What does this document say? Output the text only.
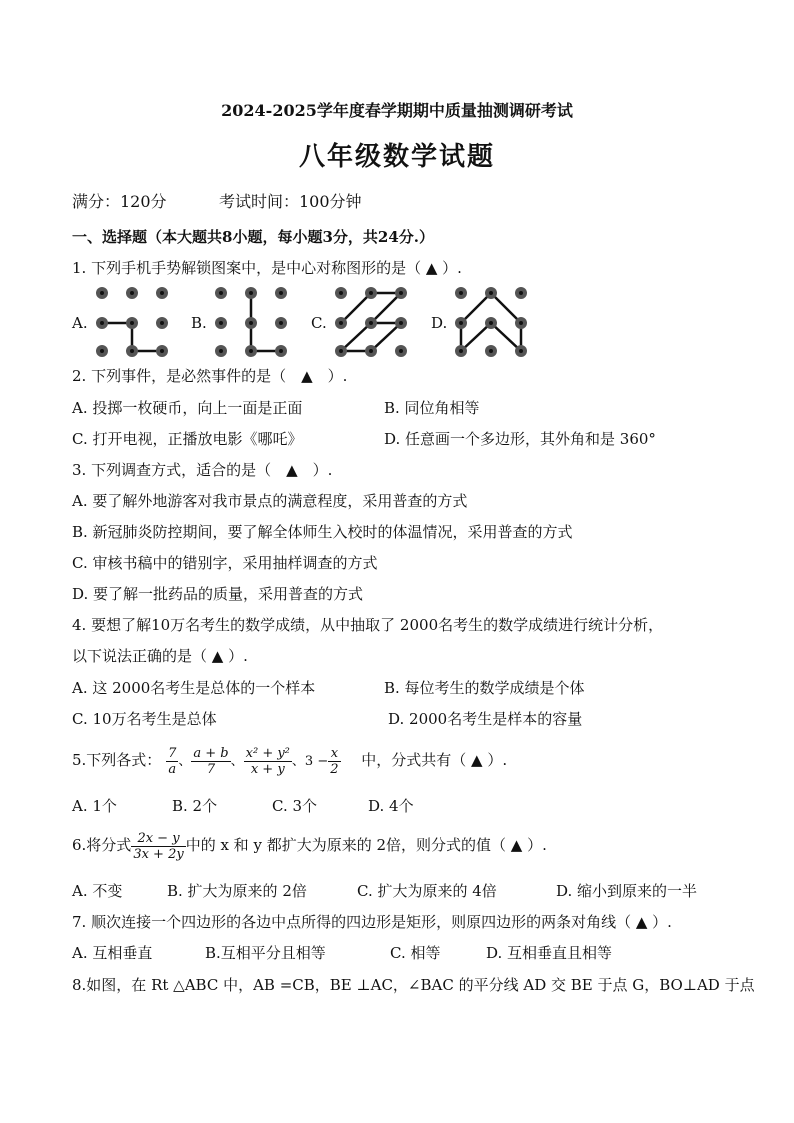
2024-2025学年度春学期期中质量抽测调研考试
八年级数学试题
满分：120分	考试时间：100分钟
一、选择题（本大题共8小题，每小题3分，共24分.）
1. 下列手机手势解锁图案中，是中心对称图形的是（ ▲ ）.
A.	B.	C.	D.
2. 下列事件，是必然事件的是（　▲　）.
A. 投掷一枚硬币，向上一面是正面	B. 同位角相等
C. 打开电视，正播放电影《哪吒》	D. 任意画一个多边形，其外角和是 360°
3. 下列调查方式，适合的是（　▲　）.
A. 要了解外地游客对我市景点的满意程度，采用普查的方式
B. 新冠肺炎防控期间，要了解全体师生入校时的体温情况，采用普查的方式
C. 审核书稿中的错别字，采用抽样调查的方式
D. 要了解一批药品的质量，采用普查的方式
4. 要想了解10万名考生的数学成绩，从中抽取了 2000名考生的数学成绩进行统计分析，
以下说法正确的是（ ▲ ）.
A. 这 2000名考生是总体的一个样本	B. 每位考生的数学成绩是个体
C. 10万名考生是总体	D. 2000名考生是样本的容量
5.下列各式： $\frac{7}{a}$ 、 $\frac{a + b}{7}$ 、 $\frac{\text{x² + y²}}{x + y}$ 、$3 - \frac{x}{2}$ 中，分式共有（ ▲ ）.
A. 1个	B. 2个	C. 3个	D. 4个
6.将分式 $\frac{2x - y}{3x + 2y}$ 中的 x 和 y 都扩大为原来的 2倍，则分式的值（ ▲ ）.
A. 不变	B. 扩大为原来的 2倍	C. 扩大为原来的 4倍	D. 缩小到原来的一半
7. 顺次连接一个四边形的各边中点所得的四边形是矩形，则原四边形的两条对角线（ ▲ ）.
A. 互相垂直	B.互相平分且相等	C. 相等	D. 互相垂直且相等
8.如图，在 Rt △ABC 中，AB =CB，BE ⊥AC，∠BAC 的平分线 AD 交 BE 于点 G，BO⊥AD 于点
